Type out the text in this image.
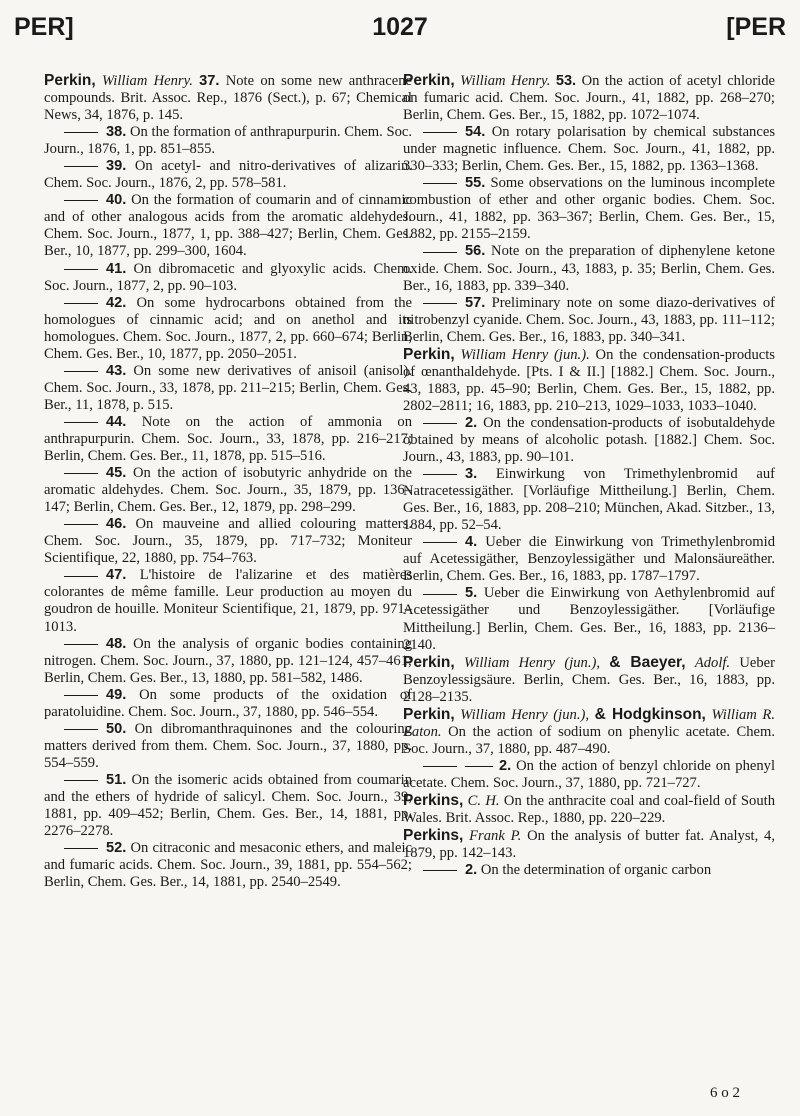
PER]	1027	[PER

Perkin, William Henry. 37. Note on some new anthracene compounds. Brit. Assoc. Rep., 1876 (Sect.), p. 67; Chemical News, 34, 1876, p. 145.

38. On the formation of anthrapurpurin. Chem. Soc. Journ., 1876, 1, pp. 851–855.

39. On acetyl- and nitro-derivatives of alizarin. Chem. Soc. Journ., 1876, 2, pp. 578–581.

40. On the formation of coumarin and of cinnamic and of other analogous acids from the aromatic aldehydes. Chem. Soc. Journ., 1877, 1, pp. 388–427; Berlin, Chem. Ges. Ber., 10, 1877, pp. 299–300, 1604.

41. On dibromacetic and glyoxylic acids. Chem. Soc. Journ., 1877, 2, pp. 90–103.

42. On some hydrocarbons obtained from the homologues of cinnamic acid; and on anethol and its homologues. Chem. Soc. Journ., 1877, 2, pp. 660–674; Berlin, Chem. Ges. Ber., 10, 1877, pp. 2050–2051.

43. On some new derivatives of anisoil (anisol). Chem. Soc. Journ., 33, 1878, pp. 211–215; Berlin, Chem. Ges. Ber., 11, 1878, p. 515.

44. Note on the action of ammonia on anthrapurpurin. Chem. Soc. Journ., 33, 1878, pp. 216–217; Berlin, Chem. Ges. Ber., 11, 1878, pp. 515–516.

45. On the action of isobutyric anhydride on the aromatic aldehydes. Chem. Soc. Journ., 35, 1879, pp. 136–147; Berlin, Chem. Ges. Ber., 12, 1879, pp. 298–299.

46. On mauveine and allied colouring matters. Chem. Soc. Journ., 35, 1879, pp. 717–732; Moniteur Scientifique, 22, 1880, pp. 754–763.

47. L'histoire de l'alizarine et des matières colorantes de même famille. Leur production au moyen du goudron de houille. Moniteur Scientifique, 21, 1879, pp. 971–1013.

48. On the analysis of organic bodies containing nitrogen. Chem. Soc. Journ., 37, 1880, pp. 121–124, 457–461; Berlin, Chem. Ges. Ber., 13, 1880, pp. 581–582, 1486.

49. On some products of the oxidation of paratoluidine. Chem. Soc. Journ., 37, 1880, pp. 546–554.

50. On dibromanthraquinones and the colouring matters derived from them. Chem. Soc. Journ., 37, 1880, pp. 554–559.

51. On the isomeric acids obtained from coumarin and the ethers of hydride of salicyl. Chem. Soc. Journ., 39, 1881, pp. 409–452; Berlin, Chem. Ges. Ber., 14, 1881, pp. 2276–2278.

52. On citraconic and mesaconic ethers, and maleic and fumaric acids. Chem. Soc. Journ., 39, 1881, pp. 554–562; Berlin, Chem. Ges. Ber., 14, 1881, pp. 2540–2549.

Perkin, William Henry. 53. On the action of acetyl chloride on fumaric acid. Chem. Soc. Journ., 41, 1882, pp. 268–270; Berlin, Chem. Ges. Ber., 15, 1882, pp. 1072–1074.

54. On rotary polarisation by chemical substances under magnetic influence. Chem. Soc. Journ., 41, 1882, pp. 330–333; Berlin, Chem. Ges. Ber., 15, 1882, pp. 1363–1368.

55. Some observations on the luminous incomplete combustion of ether and other organic bodies. Chem. Soc. Journ., 41, 1882, pp. 363–367; Berlin, Chem. Ges. Ber., 15, 1882, pp. 2155–2159.

56. Note on the preparation of diphenylene ketone oxide. Chem. Soc. Journ., 43, 1883, p. 35; Berlin, Chem. Ges. Ber., 16, 1883, pp. 339–340.

57. Preliminary note on some diazo-derivatives of nitrobenzyl cyanide. Chem. Soc. Journ., 43, 1883, pp. 111–112; Berlin, Chem. Ges. Ber., 16, 1883, pp. 340–341.

Perkin, William Henry (jun.). On the condensation-products of œnanthaldehyde. [Pts. I & II.] [1882.] Chem. Soc. Journ., 43, 1883, pp. 45–90; Berlin, Chem. Ges. Ber., 15, 1882, pp. 2802–2811; 16, 1883, pp. 210–213, 1029–1033, 1033–1040.

2. On the condensation-products of isobutaldehyde obtained by means of alcoholic potash. [1882.] Chem. Soc. Journ., 43, 1883, pp. 90–101.

3. Einwirkung von Trimethylenbromid auf Natracetessigäther. [Vorläufige Mittheilung.] Berlin, Chem. Ges. Ber., 16, 1883, pp. 208–210; München, Akad. Sitzber., 13, 1884, pp. 52–54.

4. Ueber die Einwirkung von Trimethylenbromid auf Acetessigäther, Benzoylessigäther und Malonsäureäther. Berlin, Chem. Ges. Ber., 16, 1883, pp. 1787–1797.

5. Ueber die Einwirkung von Aethylenbromid auf Acetessigäther und Benzoylessigäther. [Vorläufige Mittheilung.] Berlin, Chem. Ges. Ber., 16, 1883, pp. 2136–2140.

Perkin, William Henry (jun.), & Baeyer, Adolf. Ueber Benzoylessigsäure. Berlin, Chem. Ges. Ber., 16, 1883, pp. 2128–2135.

Perkin, William Henry (jun.), & Hodgkinson, William R. Eaton. On the action of sodium on phenylic acetate. Chem. Soc. Journ., 37, 1880, pp. 487–490.

2. On the action of benzyl chloride on phenyl acetate. Chem. Soc. Journ., 37, 1880, pp. 721–727.

Perkins, C. H. On the anthracite coal and coal-field of South Wales. Brit. Assoc. Rep., 1880, pp. 220–229.

Perkins, Frank P. On the analysis of butter fat. Analyst, 4, 1879, pp. 142–143.

2. On the determination of organic carbon

6 o 2
